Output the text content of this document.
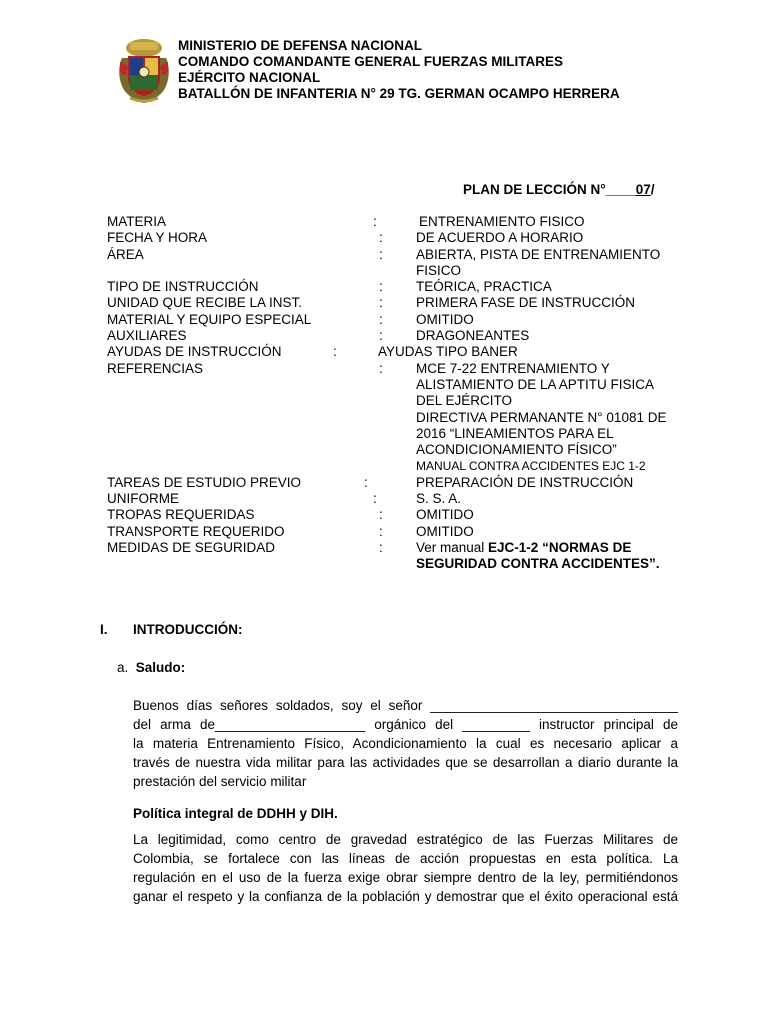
MINISTERIO DE DEFENSA NACIONAL
COMANDO COMANDANTE GENERAL FUERZAS MILITARES
EJÉRCITO NACIONAL
BATALLÓN DE INFANTERIA N° 29 TG. GERMAN OCAMPO HERRERA
PLAN DE LECCIÓN N°____07/
MATERIA	:	ENTRENAMIENTO FISICO
FECHA Y HORA	: DE ACUERDO A HORARIO
ÁREA	: ABIERTA, PISTA DE ENTRENAMIENTO
FISICO
TIPO DE INSTRUCCIÓN	: TEÓRICA, PRACTICA
UNIDAD QUE RECIBE LA INST.	: PRIMERA FASE DE INSTRUCCIÓN
MATERIAL Y EQUIPO ESPECIAL	: OMITIDO
AUXILIARES	: DRAGONEANTES
AYUDAS DE INSTRUCCIÓN	:	AYUDAS TIPO BANER
REFERENCIAS	: MCE 7-22 ENTRENAMIENTO Y
ALISTAMIENTO DE LA APTITU FISICA
DEL EJÉRCITO
DIRECTIVA PERMANANTE N° 01081 DE
2016 “LINEAMIENTOS PARA EL
ACONDICIONAMIENTO FÍSICO”
MANUAL CONTRA ACCIDENTES EJC 1-2
TAREAS DE ESTUDIO PREVIO	:	PREPARACIÓN DE INSTRUCCIÓN
UNIFORME	:	S. S. A.
TROPAS REQUERIDAS	: OMITIDO
TRANSPORTE REQUERIDO	: OMITIDO
MEDIDAS DE SEGURIDAD	: Ver manual EJC-1-2 “NORMAS DE
SEGURIDAD CONTRA ACCIDENTES”.
I. INTRODUCCIÓN:
a. Saludo:
Buenos días señores soldados, soy el señor _________________________________
del arma de____________________ orgánico del _________ instructor principal de
la materia Entrenamiento Físico, Acondicionamiento la cual es necesario aplicar a
través de nuestra vida militar para las actividades que se desarrollan a diario durante la
prestación del servicio militar
Política integral de DDHH y DIH.
La legitimidad, como centro de gravedad estratégico de las Fuerzas Militares de
Colombia, se fortalece con las líneas de acción propuestas en esta política. La
regulación en el uso de la fuerza exige obrar siempre dentro de la ley, permitiéndonos
ganar el respeto y la confianza de la población y demostrar que el éxito operacional está
